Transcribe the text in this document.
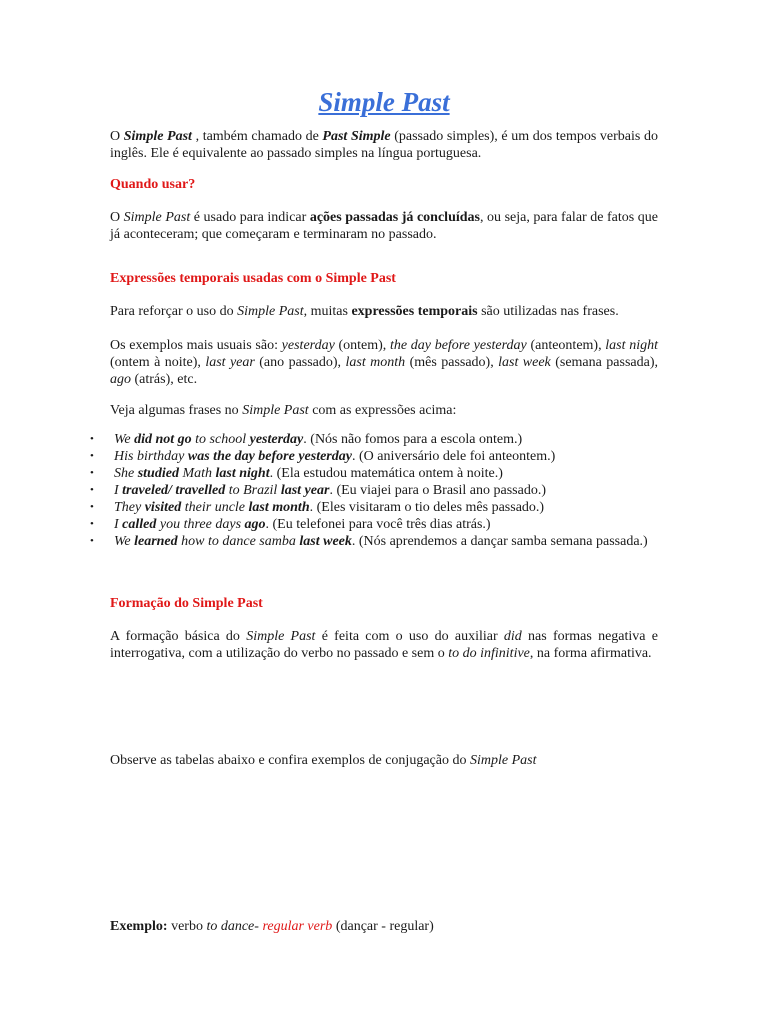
Simple Past
O Simple Past , também chamado de Past Simple (passado simples), é um dos tempos verbais do inglês. Ele é equivalente ao passado simples na língua portuguesa.
Quando usar?
O Simple Past é usado para indicar ações passadas já concluídas, ou seja, para falar de fatos que já aconteceram; que começaram e terminaram no passado.
Expressões temporais usadas com o Simple Past
Para reforçar o uso do Simple Past, muitas expressões temporais são utilizadas nas frases.
Os exemplos mais usuais são: yesterday (ontem), the day before yesterday (anteontem), last night (ontem à noite), last year (ano passado), last month (mês passado), last week (semana passada), ago (atrás), etc.
Veja algumas frases no Simple Past com as expressões acima:
• We did not go to school yesterday. (Nós não fomos para a escola ontem.)
• His birthday was the day before yesterday. (O aniversário dele foi anteontem.)
• She studied Math last night. (Ela estudou matemática ontem à noite.)
• I traveled/ travelled to Brazil last year. (Eu viajei para o Brasil ano passado.)
• They visited their uncle last month. (Eles visitaram o tio deles mês passado.)
• I called you three days ago. (Eu telefonei para você três dias atrás.)
• We learned how to dance samba last week. (Nós aprendemos a dançar samba semana passada.)
Formação do Simple Past
A formação básica do Simple Past é feita com o uso do auxiliar did nas formas negativa e interrogativa, com a utilização do verbo no passado e sem o to do infinitive, na forma afirmativa.
Observe as tabelas abaixo e confira exemplos de conjugação do Simple Past
Exemplo: verbo to dance- regular verb (dançar - regular)
